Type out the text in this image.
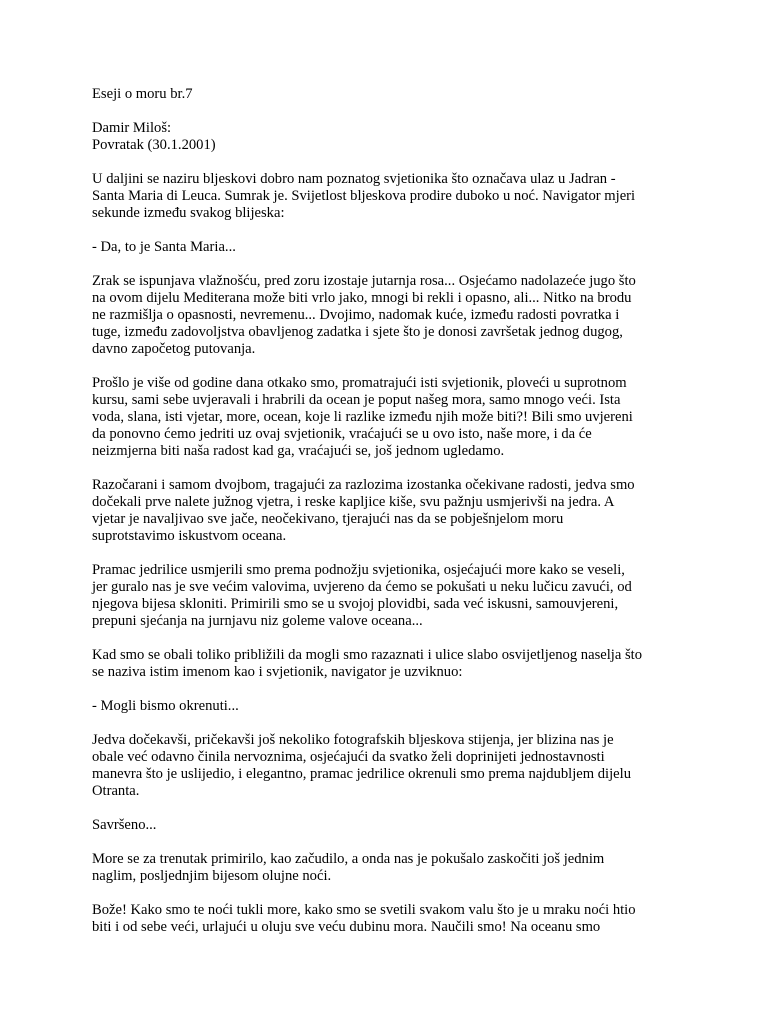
Eseji o moru br.7

Damir Miloš:
Povratak (30.1.2001)

U daljini se naziru bljeskovi dobro nam poznatog svjetionika što označava ulaz u Jadran -
Santa Maria di Leuca. Sumrak je. Svijetlost bljeskova prodire duboko u noć. Navigator mjeri
sekunde između svakog blijeska:

- Da, to je Santa Maria...

Zrak se ispunjava vlažnošću, pred zoru izostaje jutarnja rosa... Osjećamo nadolazeće jugo što
na ovom dijelu Mediterana može biti vrlo jako, mnogi bi rekli i opasno, ali... Nitko na brodu
ne razmišlja o opasnosti, nevremenu... Dvojimo, nadomak kuće, između radosti povratka i
tuge, između zadovoljstva obavljenog zadatka i sjete što je donosi završetak jednog dugog,
davno započetog putovanja.

Prošlo je više od godine dana otkako smo, promatrajući isti svjetionik, ploveći u suprotnom
kursu, sami sebe uvjeravali i hrabrili da ocean je poput našeg mora, samo mnogo veći. Ista
voda, slana, isti vjetar, more, ocean, koje li razlike između njih može biti?! Bili smo uvjereni
da ponovno ćemo jedriti uz ovaj svjetionik, vraćajući se u ovo isto, naše more, i da će
neizmjerna biti naša radost kad ga, vraćajući se, još jednom ugledamo.

Razočarani i samom dvojbom, tragajući za razlozima izostanka očekivane radosti, jedva smo
dočekali prve nalete južnog vjetra, i reske kapljice kiše, svu pažnju usmjerivši na jedra. A
vjetar je navaljivao sve jače, neočekivano, tjerajući nas da se pobješnjelom moru
suprotstavimo iskustvom oceana.

Pramac jedrilice usmjerili smo prema podnožju svjetionika, osjećajući more kako se veseli,
jer guralo nas je sve većim valovima, uvjereno da ćemo se pokušati u neku lučicu zavući, od
njegova bijesa skloniti. Primirili smo se u svojoj plovidbi, sada već iskusni, samouvjereni,
prepuni sjećanja na jurnjavu niz goleme valove oceana...

Kad smo se obali toliko približili da mogli smo razaznati i ulice slabo osvijetljenog naselja što
se naziva istim imenom kao i svjetionik, navigator je uzviknuo:

- Mogli bismo okrenuti...

Jedva dočekavši, pričekavši još nekoliko fotografskih bljeskova stijenja, jer blizina nas je
obale već odavno činila nervoznima, osjećajući da svatko želi doprinijeti jednostavnosti
manevra što je uslijedio, i elegantno, pramac jedrilice okrenuli smo prema najdubljem dijelu
Otranta.

Savršeno...

More se za trenutak primirilo, kao začudilo, a onda nas je pokušalo zaskočiti još jednim
naglim, posljednjim bijesom olujne noći.

Bože! Kako smo te noći tukli more, kako smo se svetili svakom valu što je u mraku noći htio
biti i od sebe veći, urlajući u oluju sve veću dubinu mora. Naučili smo! Na oceanu smo
